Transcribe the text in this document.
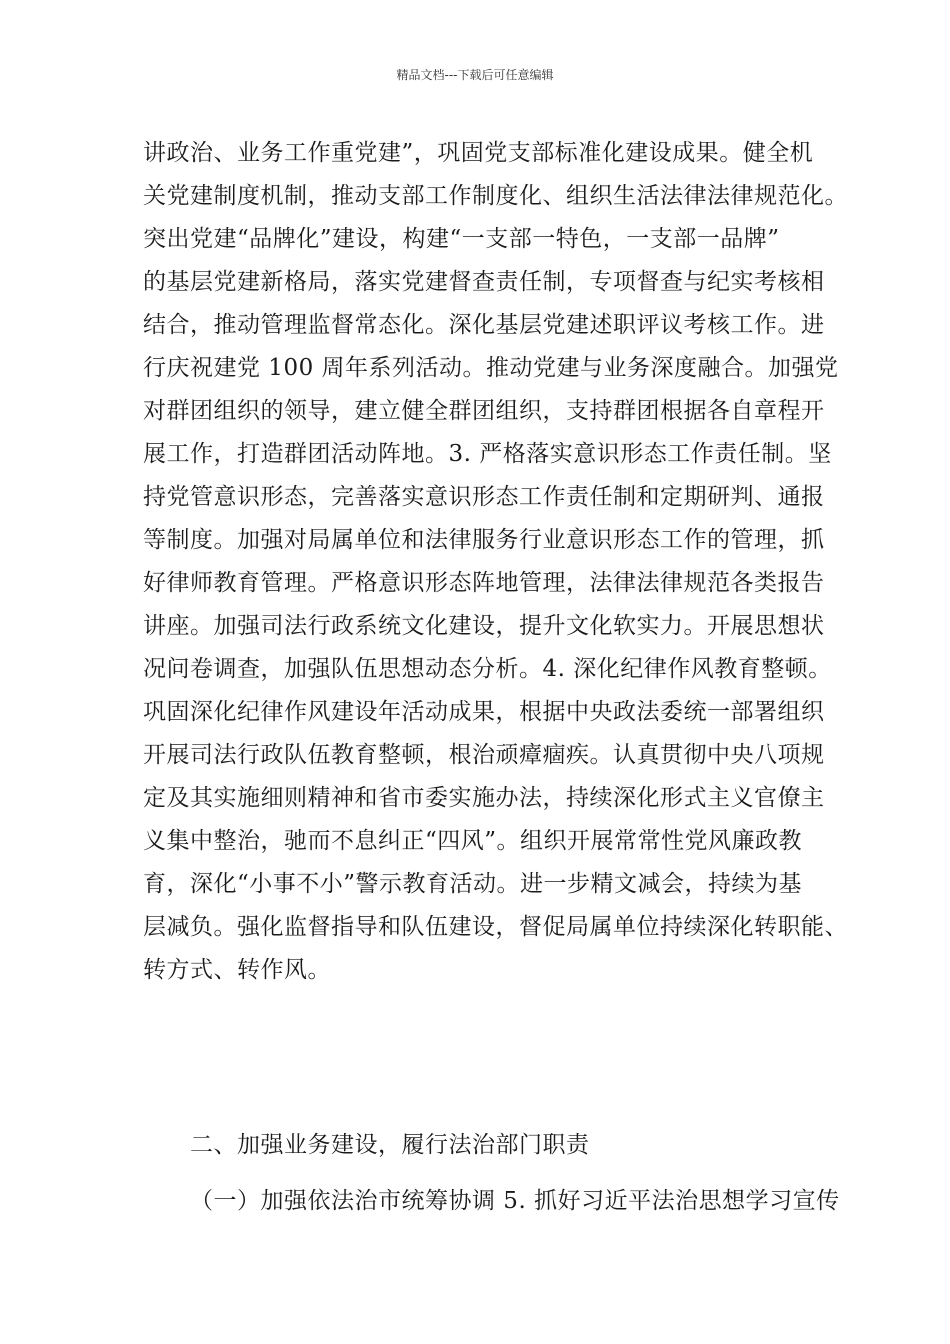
精品文档---下载后可任意编辑
讲政治、业务工作重党建”，巩固党支部标准化建设成果。健全机
关党建制度机制，推动支部工作制度化、组织生活法律法律规范化。
突出党建“品牌化”建设，构建“一支部一特色，一支部一品牌”
的基层党建新格局，落实党建督查责任制，专项督查与纪实考核相
结合，推动管理监督常态化。深化基层党建述职评议考核工作。进
行庆祝建党 100 周年系列活动。推动党建与业务深度融合。加强党
对群团组织的领导，建立健全群团组织，支持群团根据各自章程开
展工作，打造群团活动阵地。3. 严格落实意识形态工作责任制。坚
持党管意识形态，完善落实意识形态工作责任制和定期研判、通报
等制度。加强对局属单位和法律服务行业意识形态工作的管理，抓
好律师教育管理。严格意识形态阵地管理，法律法律规范各类报告
讲座。加强司法行政系统文化建设，提升文化软实力。开展思想状
况问卷调查，加强队伍思想动态分析。4. 深化纪律作风教育整顿。
巩固深化纪律作风建设年活动成果，根据中央政法委统一部署组织
开展司法行政队伍教育整顿，根治顽瘴痼疾。认真贯彻中央八项规
定及其实施细则精神和省市委实施办法，持续深化形式主义官僚主
义集中整治，驰而不息纠正“四风”。组织开展常常性党风廉政教
育，深化“小事不小”警示教育活动。进一步精文减会，持续为基
层减负。强化监督指导和队伍建设，督促局属单位持续深化转职能、
转方式、转作风。
二、加强业务建设，履行法治部门职责
（一）加强依法治市统筹协调 5. 抓好习近平法治思想学习宣传
